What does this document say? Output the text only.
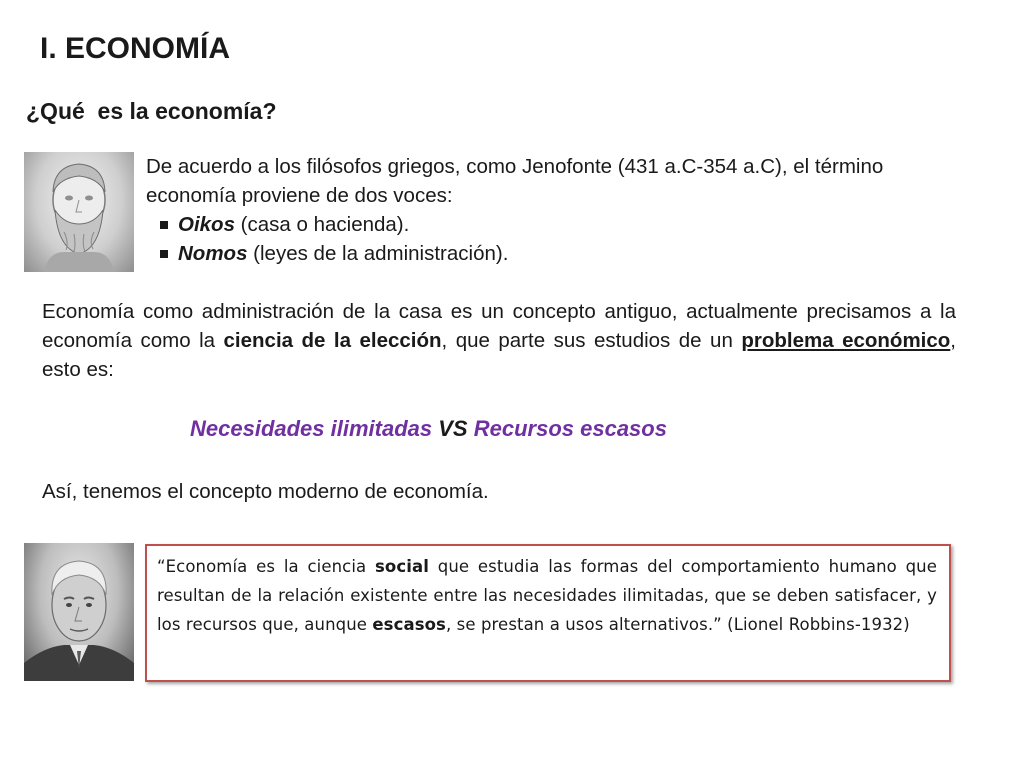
I. ECONOMÍA
¿Qué  es la economía?

De acuerdo a los filósofos griegos, como Jenofonte (431 a.C-354 a.C), el término economía proviene de dos voces:

Oikos (casa o hacienda).
Nomos (leyes de la administración).

Economía como administración de la casa es un concepto antiguo, actualmente precisamos a la economía como la ciencia de la elección, que parte sus estudios de un problema económico, esto es:

Necesidades ilimitadas VS Recursos escasos

Así, tenemos el concepto moderno de economía.

“Economía es la ciencia social que estudia las formas del comportamiento humano que resultan de la relación existente entre las necesidades ilimitadas, que se deben satisfacer, y los recursos que, aunque escasos, se prestan a usos alternativos.” (Lionel Robbins-1932)
